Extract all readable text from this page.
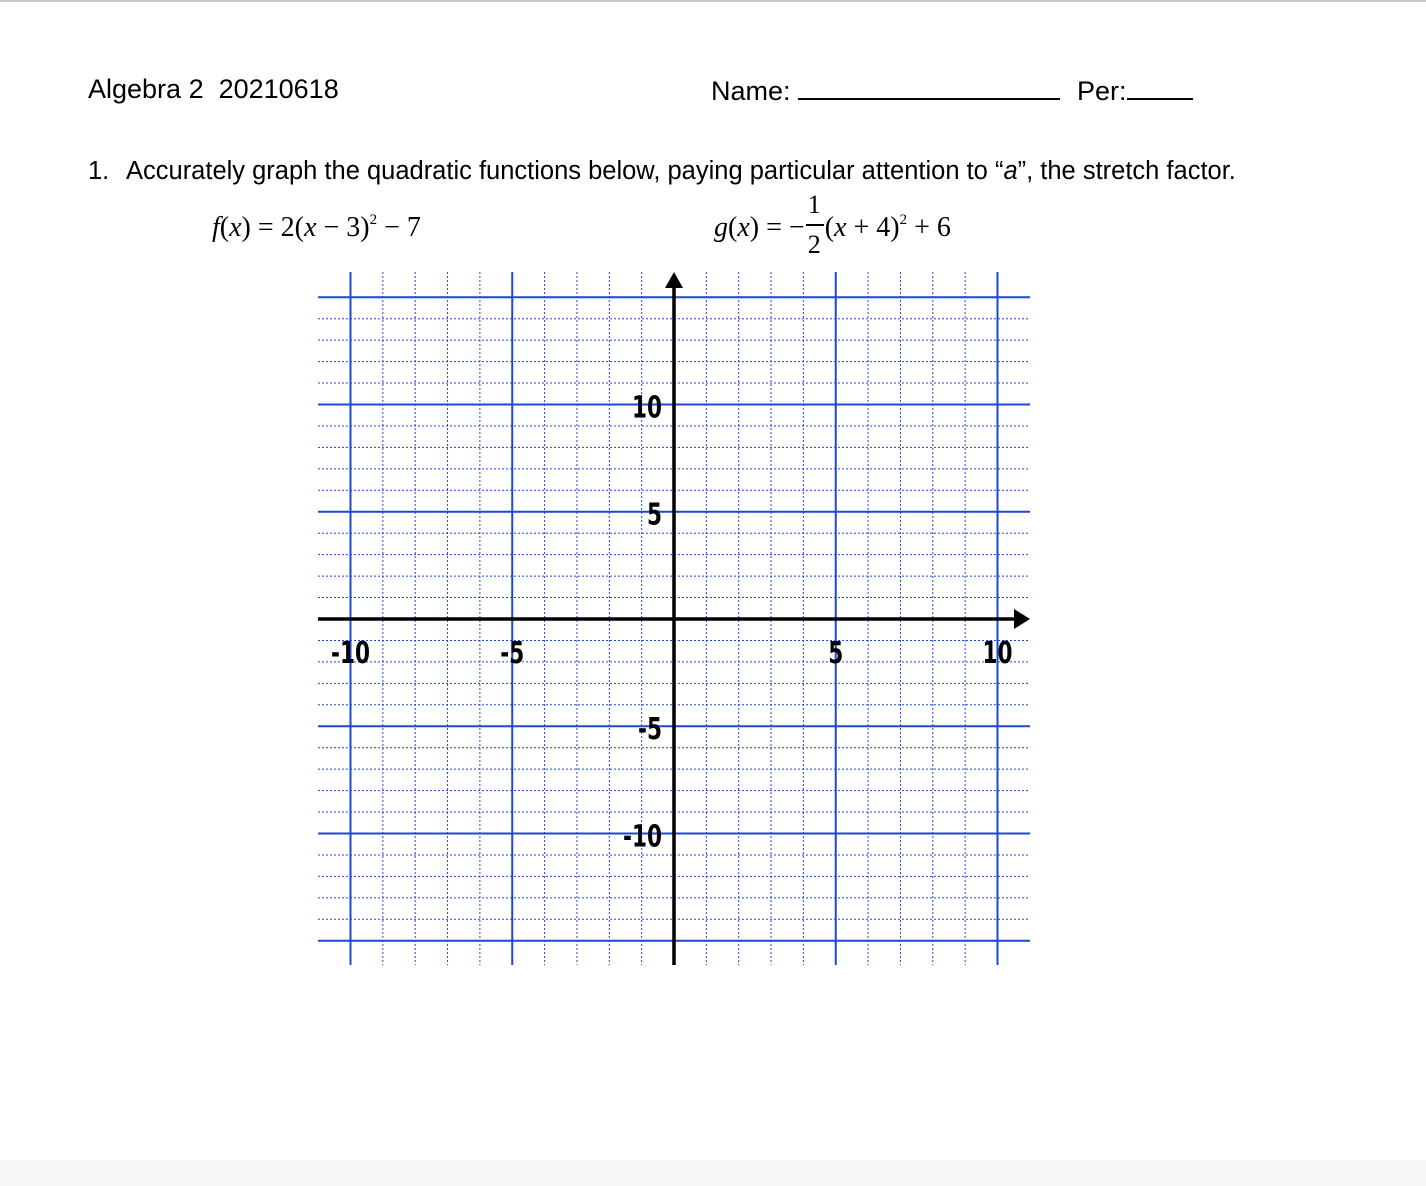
Algebra 2  20210618	Name:	Per:
1. Accurately graph the quadratic functions below, paying particular attention to “a”, the stretch factor.
$f(x) = 2(x - 3)^2 - 7$	g(x) = − $\frac{1}{2} (x + 4)^2 + 6$
-10	-5	5	10
10
5
-5
-10
